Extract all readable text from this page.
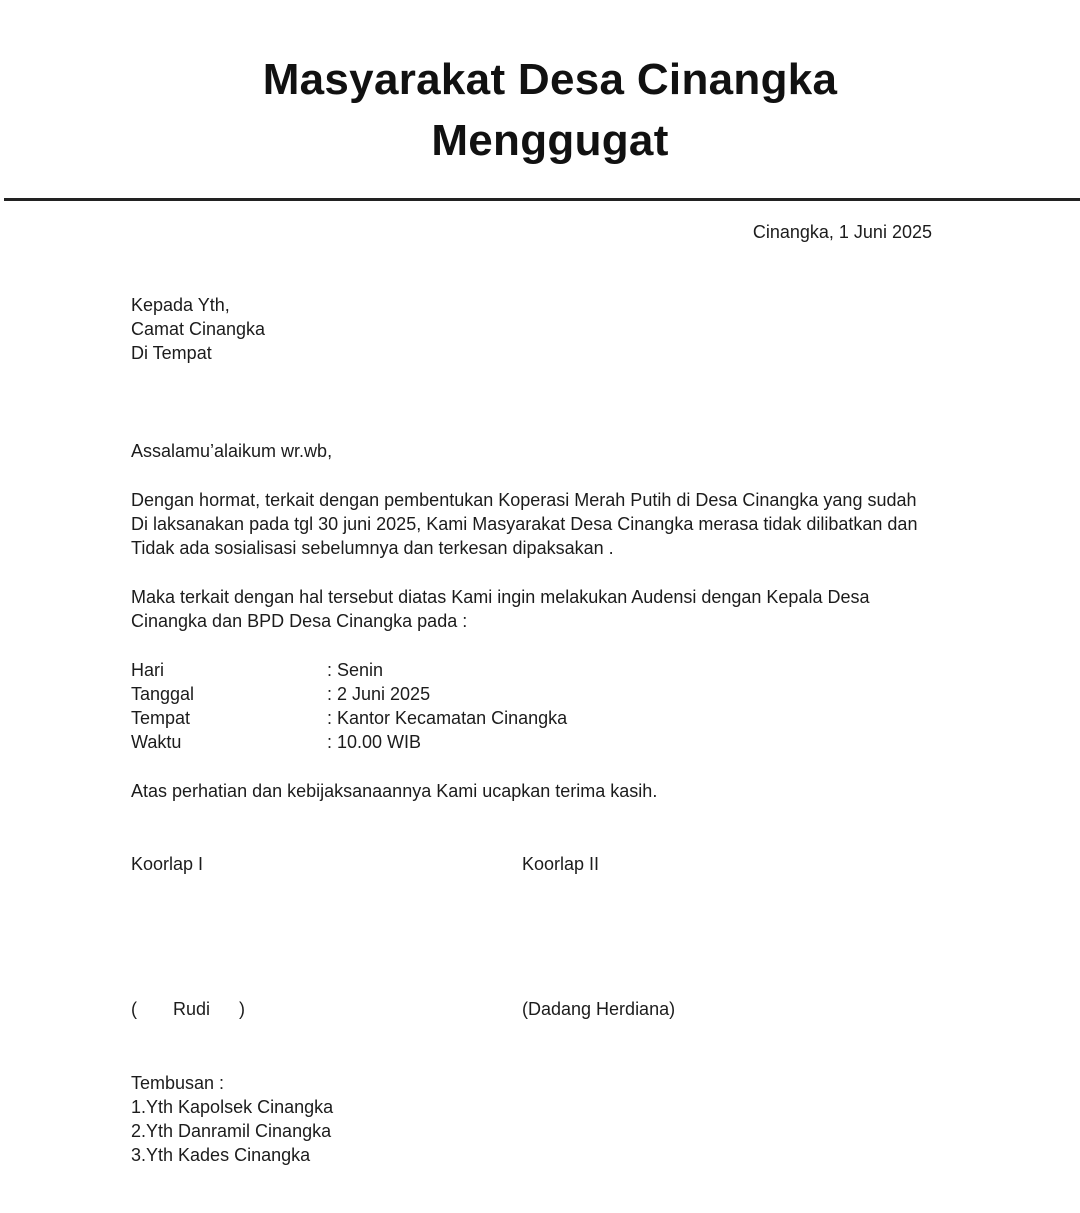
Masyarakat Desa Cinangka
Menggugat
Cinangka, 1 Juni 2025
Kepada Yth,
Camat Cinangka
Di Tempat
Assalamu’alaikum wr.wb,
Dengan hormat, terkait dengan pembentukan Koperasi Merah Putih di Desa Cinangka yang sudah
Di laksanakan pada tgl 30 juni 2025, Kami Masyarakat Desa Cinangka merasa tidak dilibatkan dan
Tidak ada sosialisasi sebelumnya dan terkesan dipaksakan .
Maka terkait dengan hal tersebut diatas Kami ingin melakukan Audensi dengan Kepala Desa
Cinangka dan BPD Desa Cinangka pada :
Hari	: Senin
Tanggal	: 2 Juni 2025
Tempat	: Kantor Kecamatan Cinangka
Waktu	: 10.00 WIB
Atas perhatian dan kebijaksanaannya Kami ucapkan terima kasih.
Koorlap I	Koorlap II
( Rudi )	(Dadang Herdiana)
Tembusan :
1.Yth Kapolsek Cinangka
2.Yth Danramil Cinangka
3.Yth Kades Cinangka
